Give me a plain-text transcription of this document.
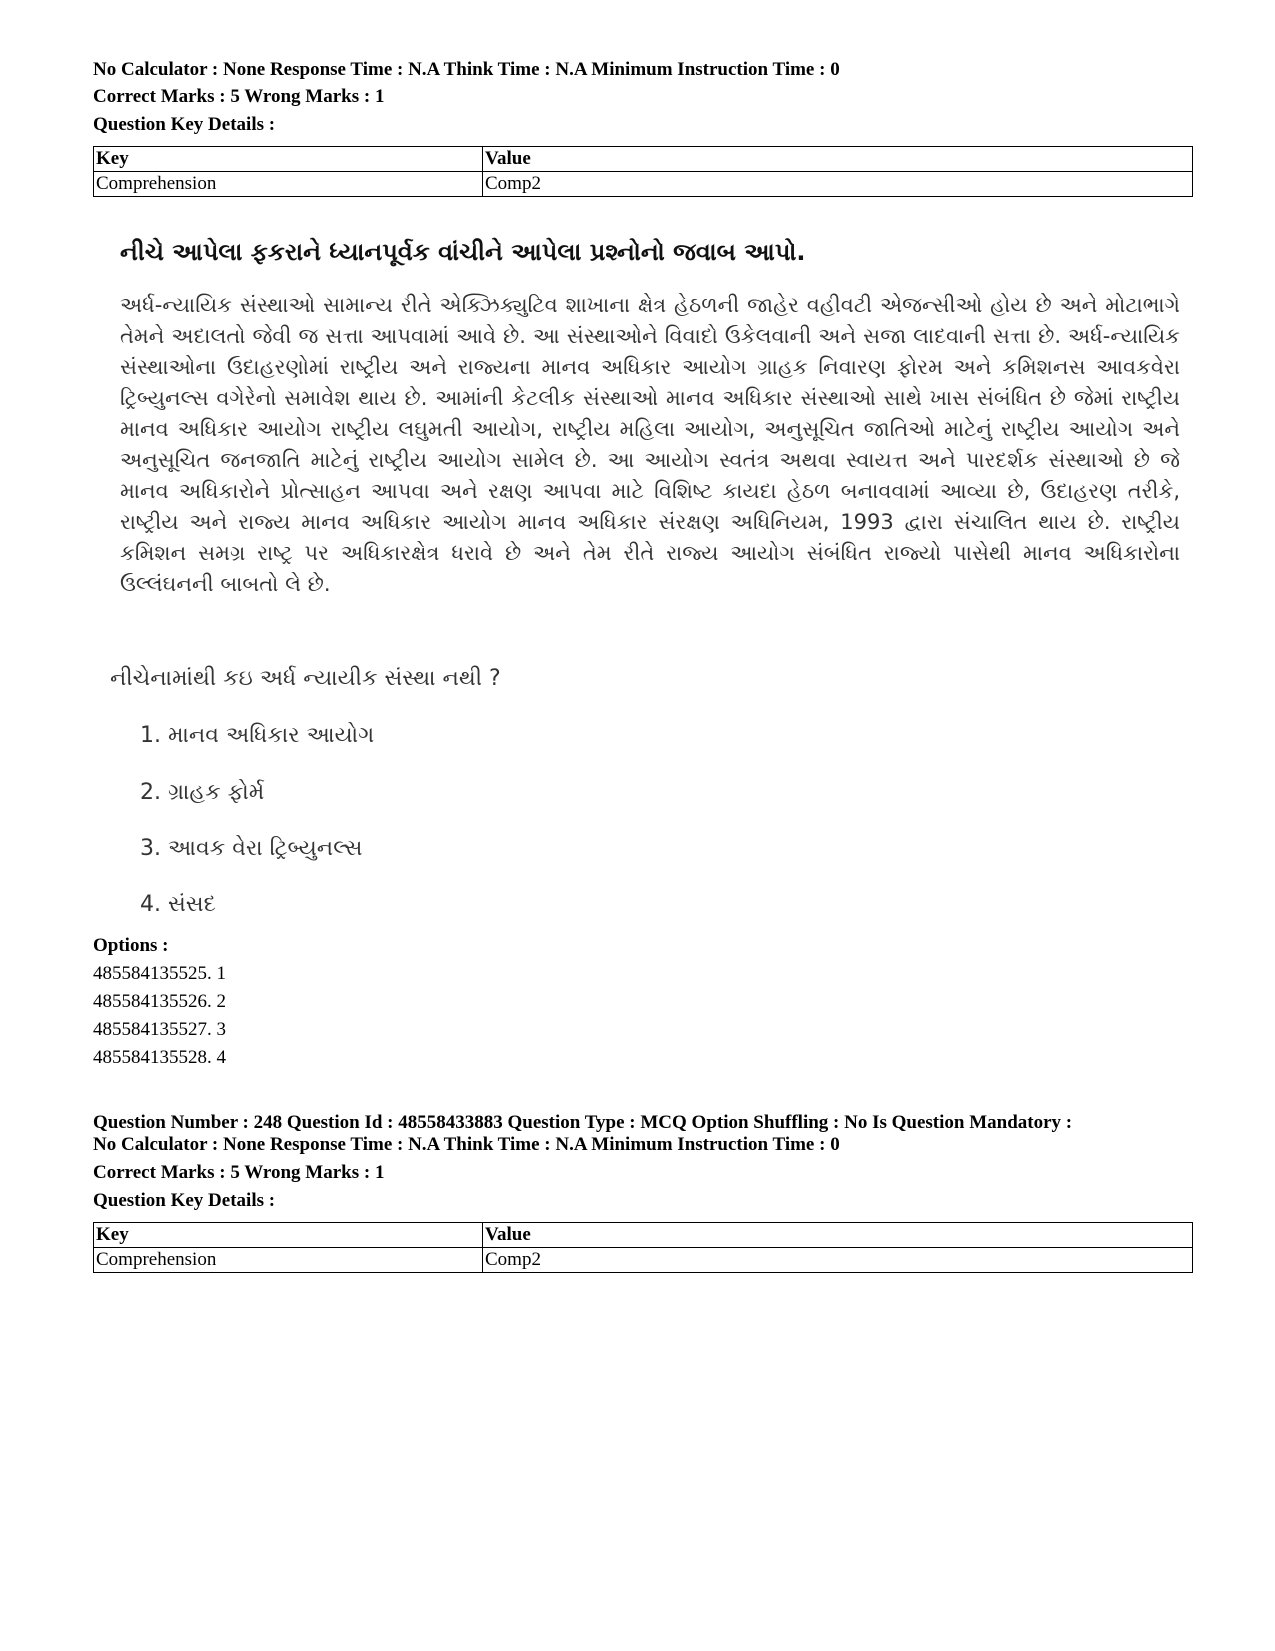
No Calculator : None Response Time : N.A Think Time : N.A Minimum Instruction Time : 0
Correct Marks : 5 Wrong Marks : 1
Question Key Details :
Key	Value
Comprehension	Comp2
નીચે આપેલા ફકરાને ધ્યાનપૂર્વક વાંચીને આપેલા પ્રશ્નોનો જવાબ આપો.
અર્ધ-ન્યાયિક સંસ્થાઓ સામાન્ય રીતે એક્ઝિક્યુટિવ શાખાના ક્ષેત્ર હેઠળની જાહેર વહીવટી એજન્સીઓ હોય છે અને મોટાભાગે તેમને અદાલતો જેવી જ સત્તા આપવામાં આવે છે. આ સંસ્થાઓને વિવાદો ઉકેલવાની અને સજા લાદવાની સત્તા છે. અર્ધ-ન્યાયિક સંસ્થાઓના ઉદાહરણોમાં રાષ્ટ્રીય અને રાજ્યના માનવ અધિકાર આયોગ ગ્રાહક નિવારણ ફોરમ અને કમિશનસ આવકવેરા ટ્રિબ્યુનલ્સ વગેરેનો સમાવેશ થાય છે. આમાંની કેટલીક સંસ્થાઓ માનવ અધિકાર સંસ્થાઓ સાથે ખાસ સંબંધિત છે જેમાં રાષ્ટ્રીય માનવ અધિકાર આયોગ રાષ્ટ્રીય લઘુમતી આયોગ, રાષ્ટ્રીય મહિલા આયોગ, અનુસૂચિત જાતિઓ માટેનું રાષ્ટ્રીય આયોગ અને અનુસૂચિત જનજાતિ માટેનું રાષ્ટ્રીય આયોગ સામેલ છે. આ આયોગ સ્વતંત્ર અથવા સ્વાયત્ત અને પારદર્શક સંસ્થાઓ છે જે માનવ અધિકારોને પ્રોત્સાહન આપવા અને રક્ષણ આપવા માટે વિશિષ્ટ કાયદા હેઠળ બનાવવામાં આવ્યા છે, ઉદાહરણ તરીકે, રાષ્ટ્રીય અને રાજ્ય માનવ અધિકાર આયોગ માનવ અધિકાર સંરક્ષણ અધિનિયમ, 1993 દ્વારા સંચાલિત થાય છે. રાષ્ટ્રીય કમિશન સમગ્ર રાષ્ટ્ર પર અધિકારક્ષેત્ર ધરાવે છે અને તેમ રીતે રાજ્ય આયોગ સંબંધિત રાજ્યો પાસેથી માનવ અધિકારોના ઉલ્લંઘનની બાબતો લે છે.
નીચેનામાંથી કઇ અર્ધ ન્યાયીક સંસ્થા નથી ?
1. માનવ અધિકાર આયોગ
2. ગ્રાહક ફોર્મ
3. આવક વેરા ટ્રિબ્યુનલ્સ
4. સંસદ
Options :
485584135525. 1
485584135526. 2
485584135527. 3
485584135528. 4
Question Number : 248 Question Id : 48558433883 Question Type : MCQ Option Shuffling : No Is Question Mandatory :
No Calculator : None Response Time : N.A Think Time : N.A Minimum Instruction Time : 0
Correct Marks : 5 Wrong Marks : 1
Question Key Details :
Key	Value
Comprehension	Comp2
